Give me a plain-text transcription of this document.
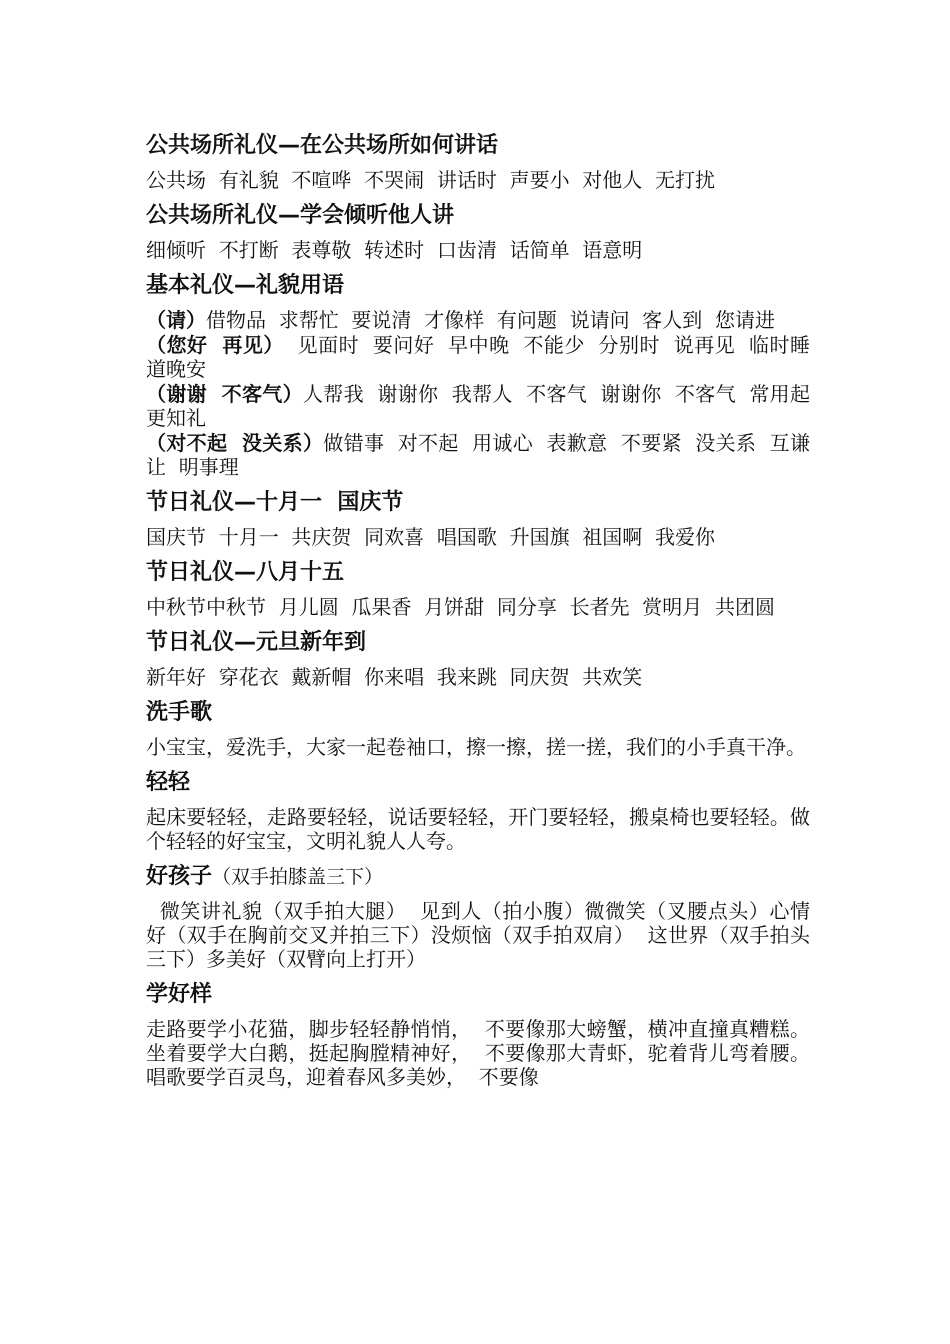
公共场所礼仪—在公共场所如何讲话
公共场  有礼貌  不喧哗  不哭闹  讲话时  声要小  对他人  无打扰
公共场所礼仪—学会倾听他人讲
细倾听  不打断  表尊敬  转述时  口齿清  话简单  语意明
基本礼仪—礼貌用语
（请）借物品  求帮忙  要说清  才像样  有问题  说请问  客人到  您请进
（您好  再见）  见面时  要问好  早中晚  不能少  分别时  说再见  临时睡  道晚安
（谢谢  不客气）人帮我  谢谢你  我帮人  不客气  谢谢你  不客气  常用起  更知礼
（对不起  没关系）做错事  对不起  用诚心  表歉意  不要紧  没关系  互谦让  明事理
节日礼仪—十月一  国庆节
国庆节  十月一  共庆贺  同欢喜  唱国歌  升国旗  祖国啊  我爱你
节日礼仪—八月十五
中秋节中秋节  月儿圆  瓜果香  月饼甜  同分享  长者先  赏明月  共团圆
节日礼仪—元旦新年到
新年好  穿花衣  戴新帽  你来唱  我来跳  同庆贺  共欢笑
洗手歌
小宝宝，爱洗手，大家一起卷袖口，擦一擦，搓一搓，我们的小手真干净。
轻轻
起床要轻轻，走路要轻轻，说话要轻轻，开门要轻轻，搬桌椅也要轻轻。做个轻轻的好宝宝，文明礼貌人人夸。
好孩子（双手拍膝盖三下）
微笑讲礼貌（双手拍大腿）  见到人（拍小腹）微微笑（叉腰点头）心情好（双手在胸前交叉并拍三下）没烦恼（双手拍双肩）  这世界（双手拍头三下）多美好（双臂向上打开）
学好样
走路要学小花猫，脚步轻轻静悄悄，  不要像那大螃蟹，横冲直撞真糟糕。  坐着要学大白鹅，挺起胸膛精神好，  不要像那大青虾，驼着背儿弯着腰。  唱歌要学百灵鸟，迎着春风多美妙，  不要像
